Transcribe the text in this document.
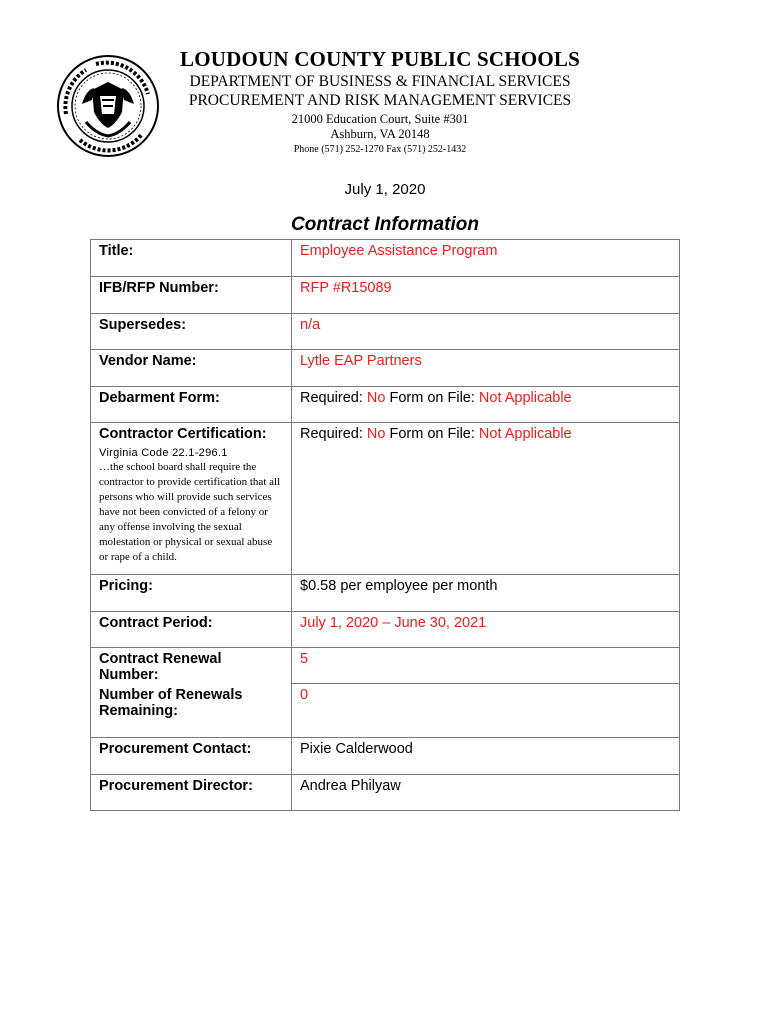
LOUDOUN COUNTY PUBLIC SCHOOLS
DEPARTMENT OF BUSINESS & FINANCIAL SERVICES
PROCUREMENT AND RISK MANAGEMENT SERVICES
21000 Education Court, Suite #301
Ashburn, VA 20148
Phone (571) 252-1270 Fax (571) 252-1432
July 1, 2020
Contract Information
Title:	Employee Assistance Program
IFB/RFP Number:	RFP #R15089
Supersedes:	n/a
Vendor Name:	Lytle EAP Partners
Debarment Form:	Required: No Form on File: Not Applicable

Contractor Certification:
Virginia Code 22.1-296.1
…the school board shall require the contractor to provide certification that all persons who will provide such services have not been convicted of a felony or any offense involving the sexual molestation or physical or sexual abuse or rape of a child.	Required: No Form on File: Not Applicable
Pricing:	$0.58 per employee per month
Contract Period:	July 1, 2020 – June 30, 2021
Contract Renewal Number:	5
Number of Renewals Remaining:	0
Procurement Contact:	Pixie Calderwood
Procurement Director:	Andrea Philyaw
